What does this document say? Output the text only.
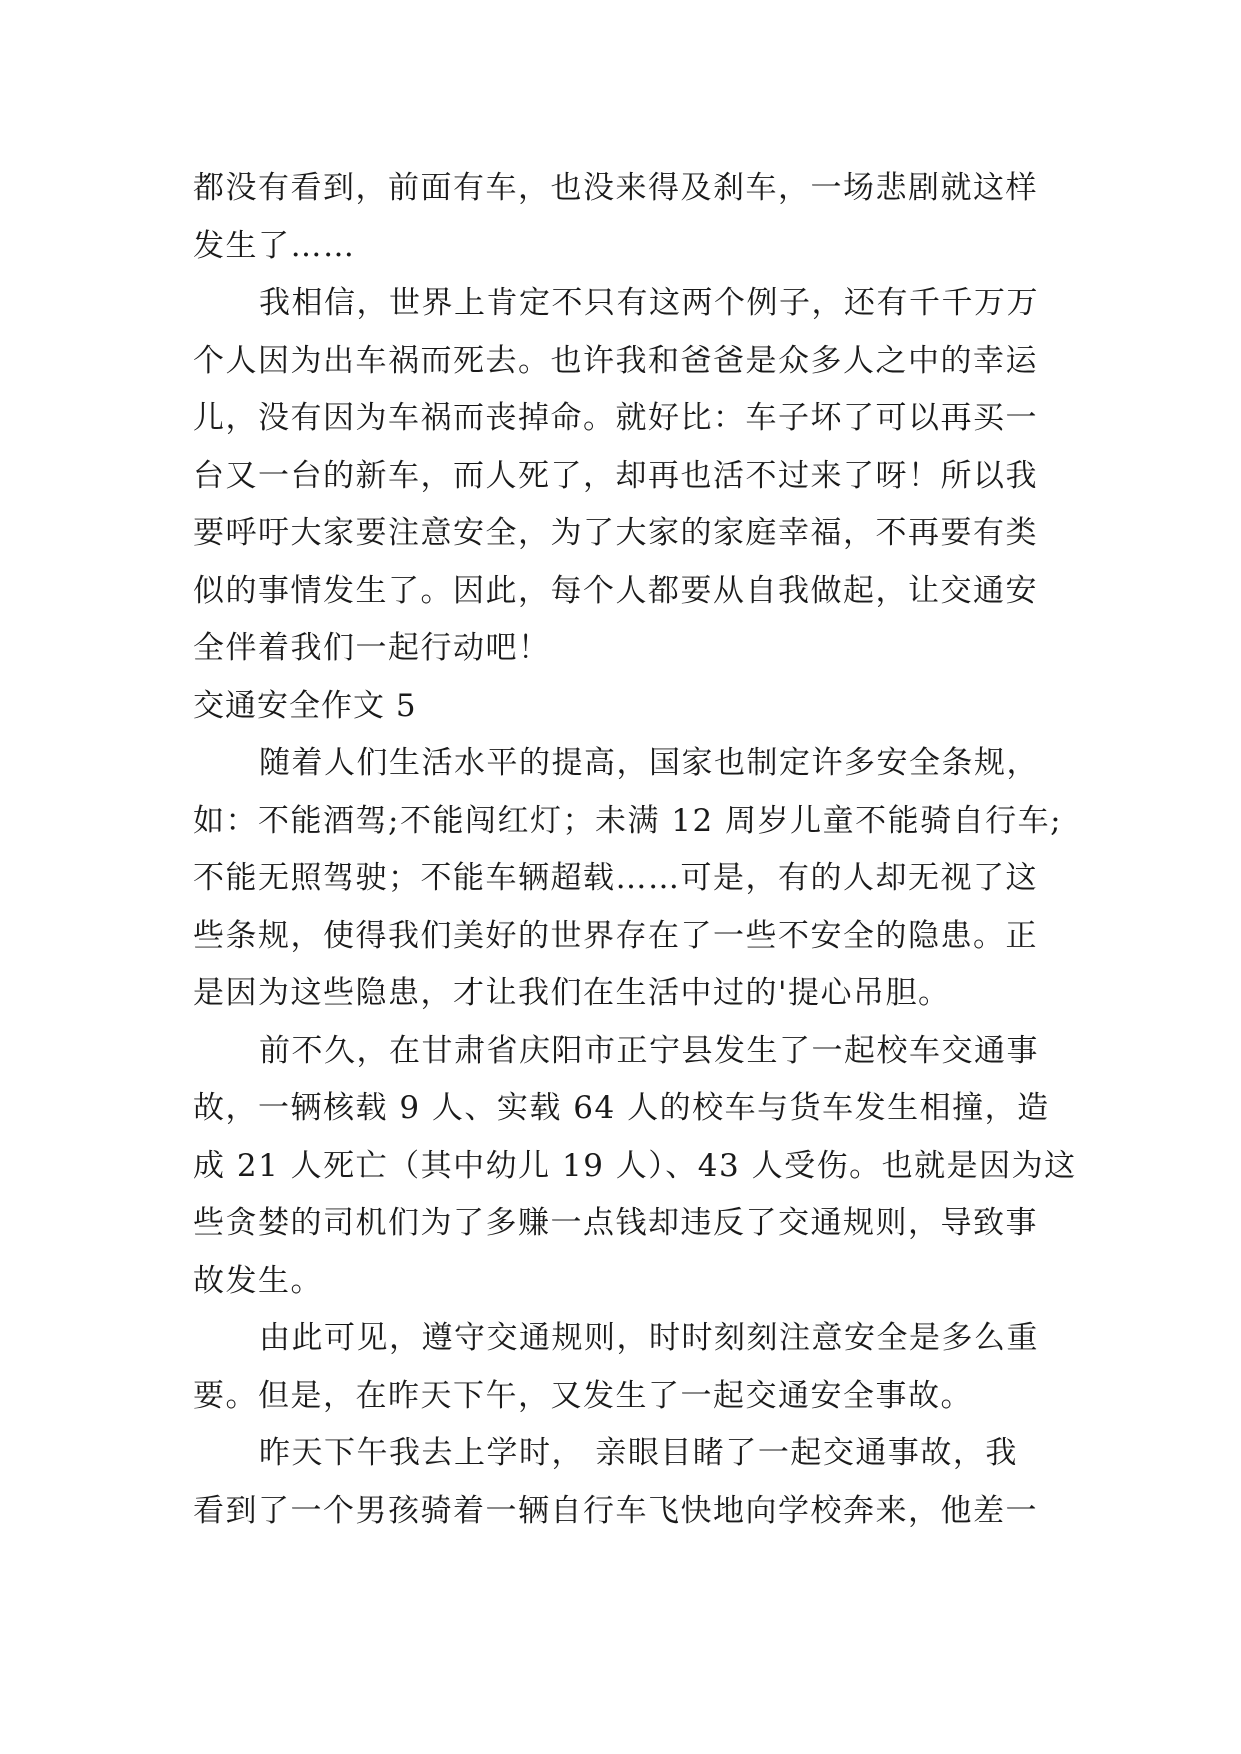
都没有看到，前面有车，也没来得及刹车，一场悲剧就这样
发生了……
我相信，世界上肯定不只有这两个例子，还有千千万万
个人因为出车祸而死去。也许我和爸爸是众多人之中的幸运
儿，没有因为车祸而丧掉命。就好比：车子坏了可以再买一
台又一台的新车，而人死了，却再也活不过来了呀！所以我
要呼吁大家要注意安全，为了大家的家庭幸福，不再要有类
似的事情发生了。因此，每个人都要从自我做起，让交通安
全伴着我们一起行动吧！
交通安全作文 5
随着人们生活水平的提高，国家也制定许多安全条规，
如：不能酒驾;不能闯红灯；未满 12 周岁儿童不能骑自行车;
不能无照驾驶；不能车辆超载……可是，有的人却无视了这
些条规，使得我们美好的世界存在了一些不安全的隐患。正
是因为这些隐患，才让我们在生活中过的'提心吊胆。
前不久，在甘肃省庆阳市正宁县发生了一起校车交通事
故，一辆核载 9 人、实载 64 人的校车与货车发生相撞，造
成 21 人死亡（其中幼儿 19 人）、43 人受伤。也就是因为这
些贪婪的司机们为了多赚一点钱却违反了交通规则，导致事
故发生。
由此可见，遵守交通规则，时时刻刻注意安全是多么重
要。但是，在昨天下午，又发生了一起交通安全事故。
昨天下午我去上学时， 亲眼目睹了一起交通事故，我
看到了一个男孩骑着一辆自行车飞快地向学校奔来，他差一
